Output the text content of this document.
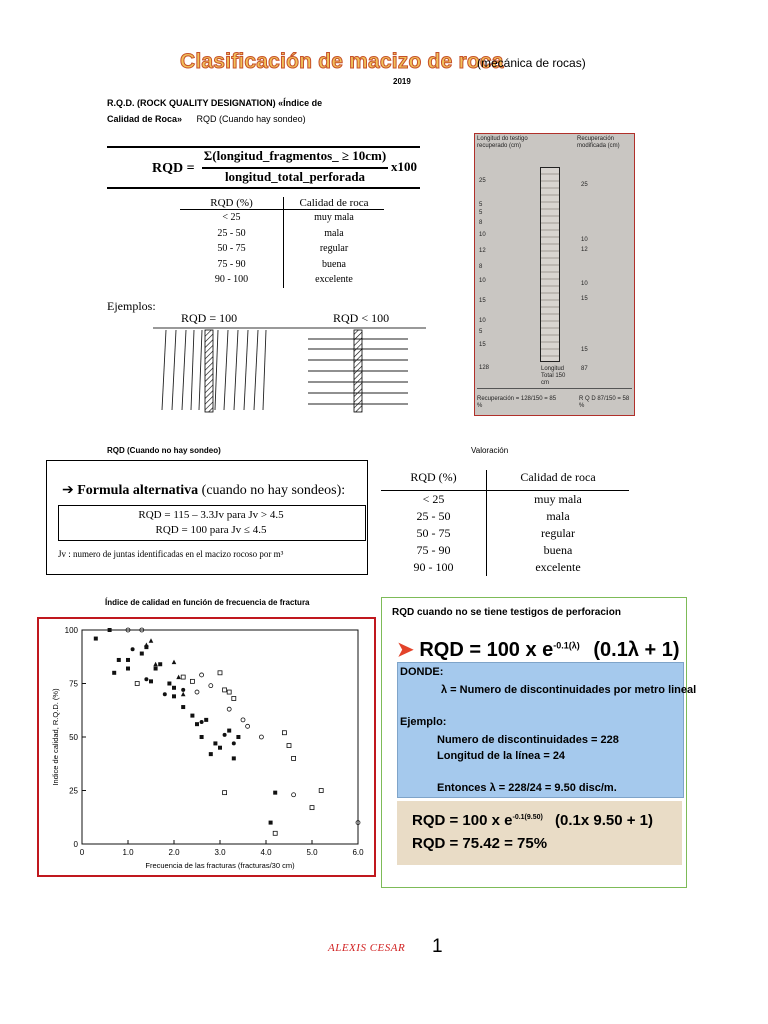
Clasificación de macizo de roca
(mecánica de rocas)
2019
R.Q.D. (ROCK QUALITY DESIGNATION) «Índice de
Calidad de Roca» RQD (Cuando hay sondeo)
RQD =
Σ(longitud_fragmentos_ ≥ 10cm)
longitud_total_perforada
x100
RQD (%)	Calidad de roca
< 25	muy mala
25 - 50	mala
50 - 75	regular
75 - 90	buena
90 - 100	excelente
Ejemplos:
RQD = 100	RQD < 100
Longitud do testigo recuperado (cm)
Recuperación modificada (cm)
25
5
5
8
10
12
8
10
15
10
5
15
128
25
10
12
10
15
15
87
Longitud Total 150 cm
Recuperación = 128/150 = 85 %
R Q D 87/150 = 58 %
RQD (Cuando no hay sondeo)	Valoración
➔ Formula alternativa (cuando no hay sondeos):
RQD = 115 – 3.3Jv para Jv > 4.5
RQD = 100 para Jv ≤ 4.5
Jv : numero de juntas identificadas en el macizo rocoso por m³
RQD (%)	Calidad de roca
< 25	muy mala
25 - 50	mala
50 - 75	regular
75 - 90	buena
90 - 100	excelente
Índice de calidad en función de frecuencia de fractura
0	1.0	2.0	3.0	4.0	5.0	6.0
0
25
50
75
100
Frecuencia de las fracturas (fracturas/30 cm)
Indice de calidad, R.Q.D. (%)
RQD cuando no se tiene testigos de perforacion
➤ RQD = 100 x $e^{-0.1(\lambda)}$ (0.1λ + 1)
DONDE:
λ = Numero de discontinuidades por metro lineal
Ejemplo:
Numero de discontinuidades = 228
Longitud de la línea = 24
Entonces λ = 228/24 = 9.50 disc/m.
RQD = 100 x $e^{-0.1(9.50)}$ (0.1x 9.50 + 1)
RQD = 75.42 = 75%
ALEXIS CESAR 1
